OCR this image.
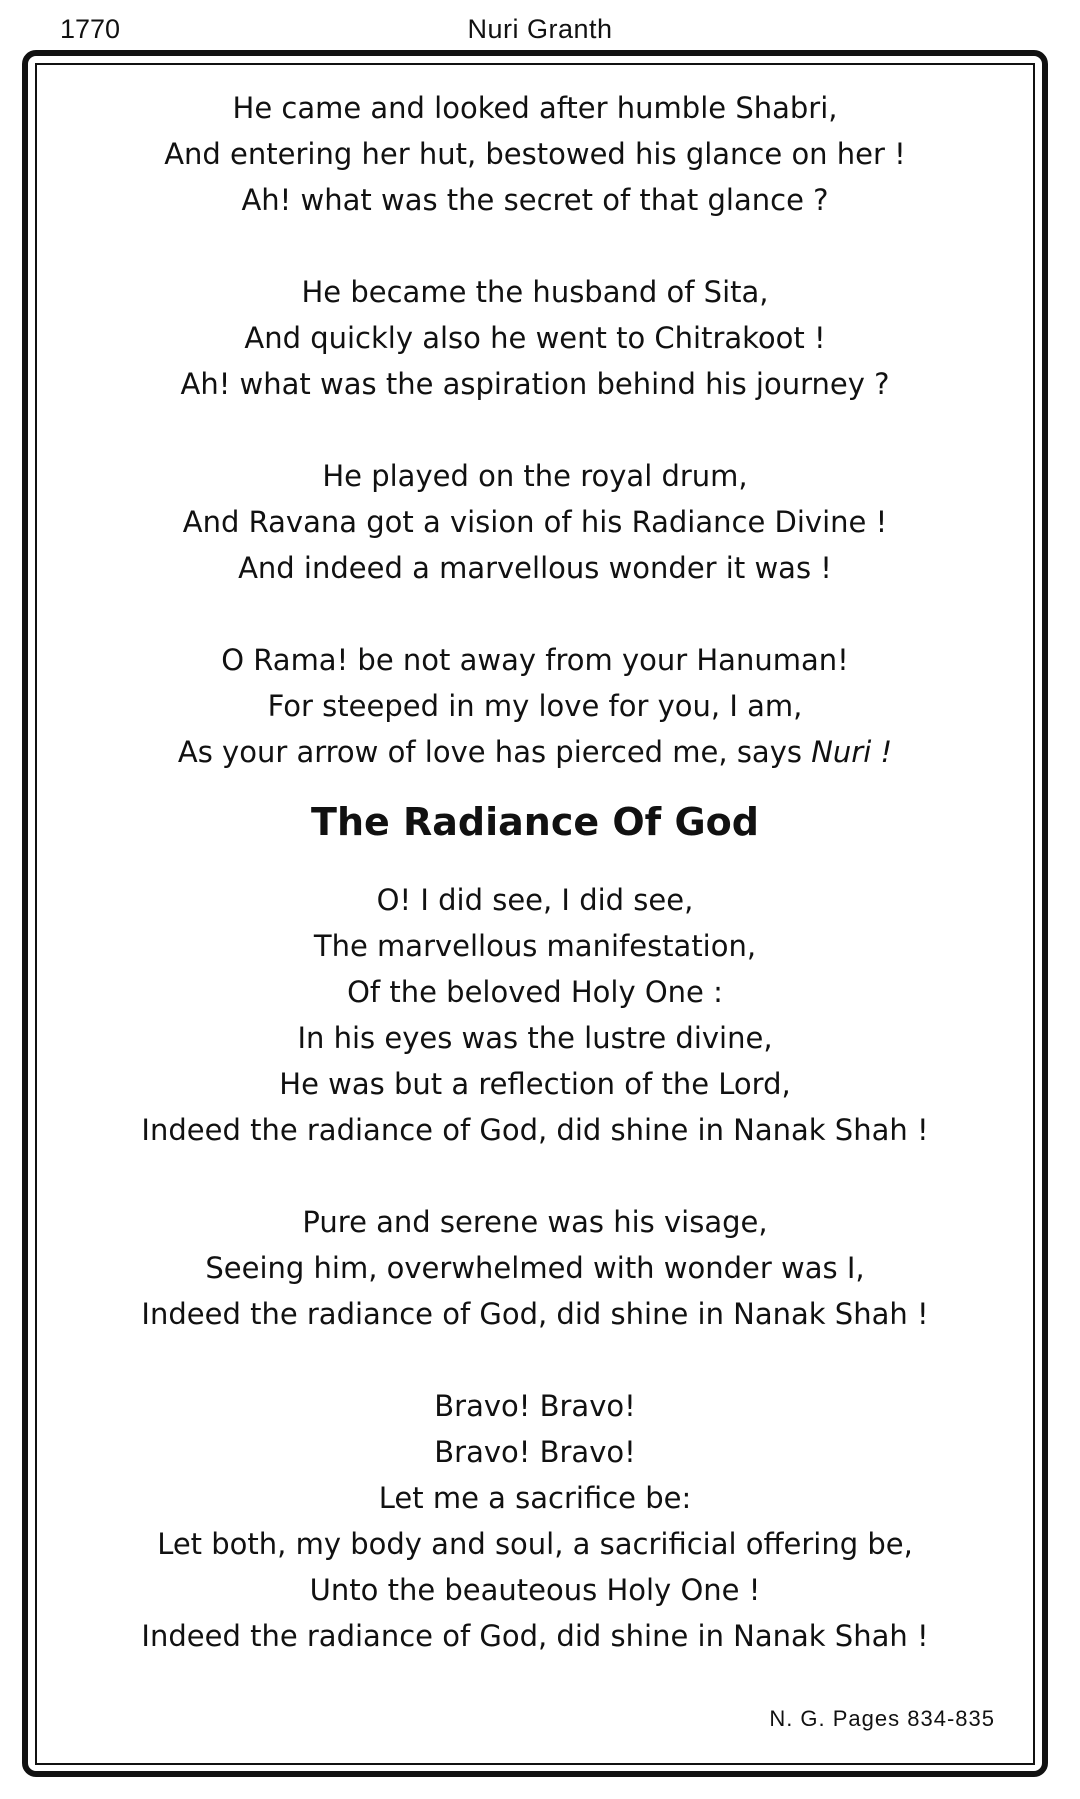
1770	Nuri Granth
He came and looked after humble Shabri,
And entering her hut, bestowed his glance on her !
Ah! what was the secret of that glance ?
He became the husband of Sita,
And quickly also he went to Chitrakoot !
Ah! what was the aspiration behind his journey ?
He played on the royal drum,
And Ravana got a vision of his Radiance Divine !
And indeed a marvellous wonder it was !
O Rama! be not away from your Hanuman!
For steeped in my love for you, I am,
As your arrow of love has pierced me, says Nuri !
The Radiance Of God
O! I did see, I did see,
The marvellous manifestation,
Of the beloved Holy One :
In his eyes was the lustre divine,
He was but a reflection of the Lord,
Indeed the radiance of God, did shine in Nanak Shah !
Pure and serene was his visage,
Seeing him, overwhelmed with wonder was I,
Indeed the radiance of God, did shine in Nanak Shah !
Bravo! Bravo!
Bravo! Bravo!
Let me a sacrifice be:
Let both, my body and soul, a sacrificial offering be,
Unto the beauteous Holy One !
Indeed the radiance of God, did shine in Nanak Shah !
N. G. Pages 834-835
